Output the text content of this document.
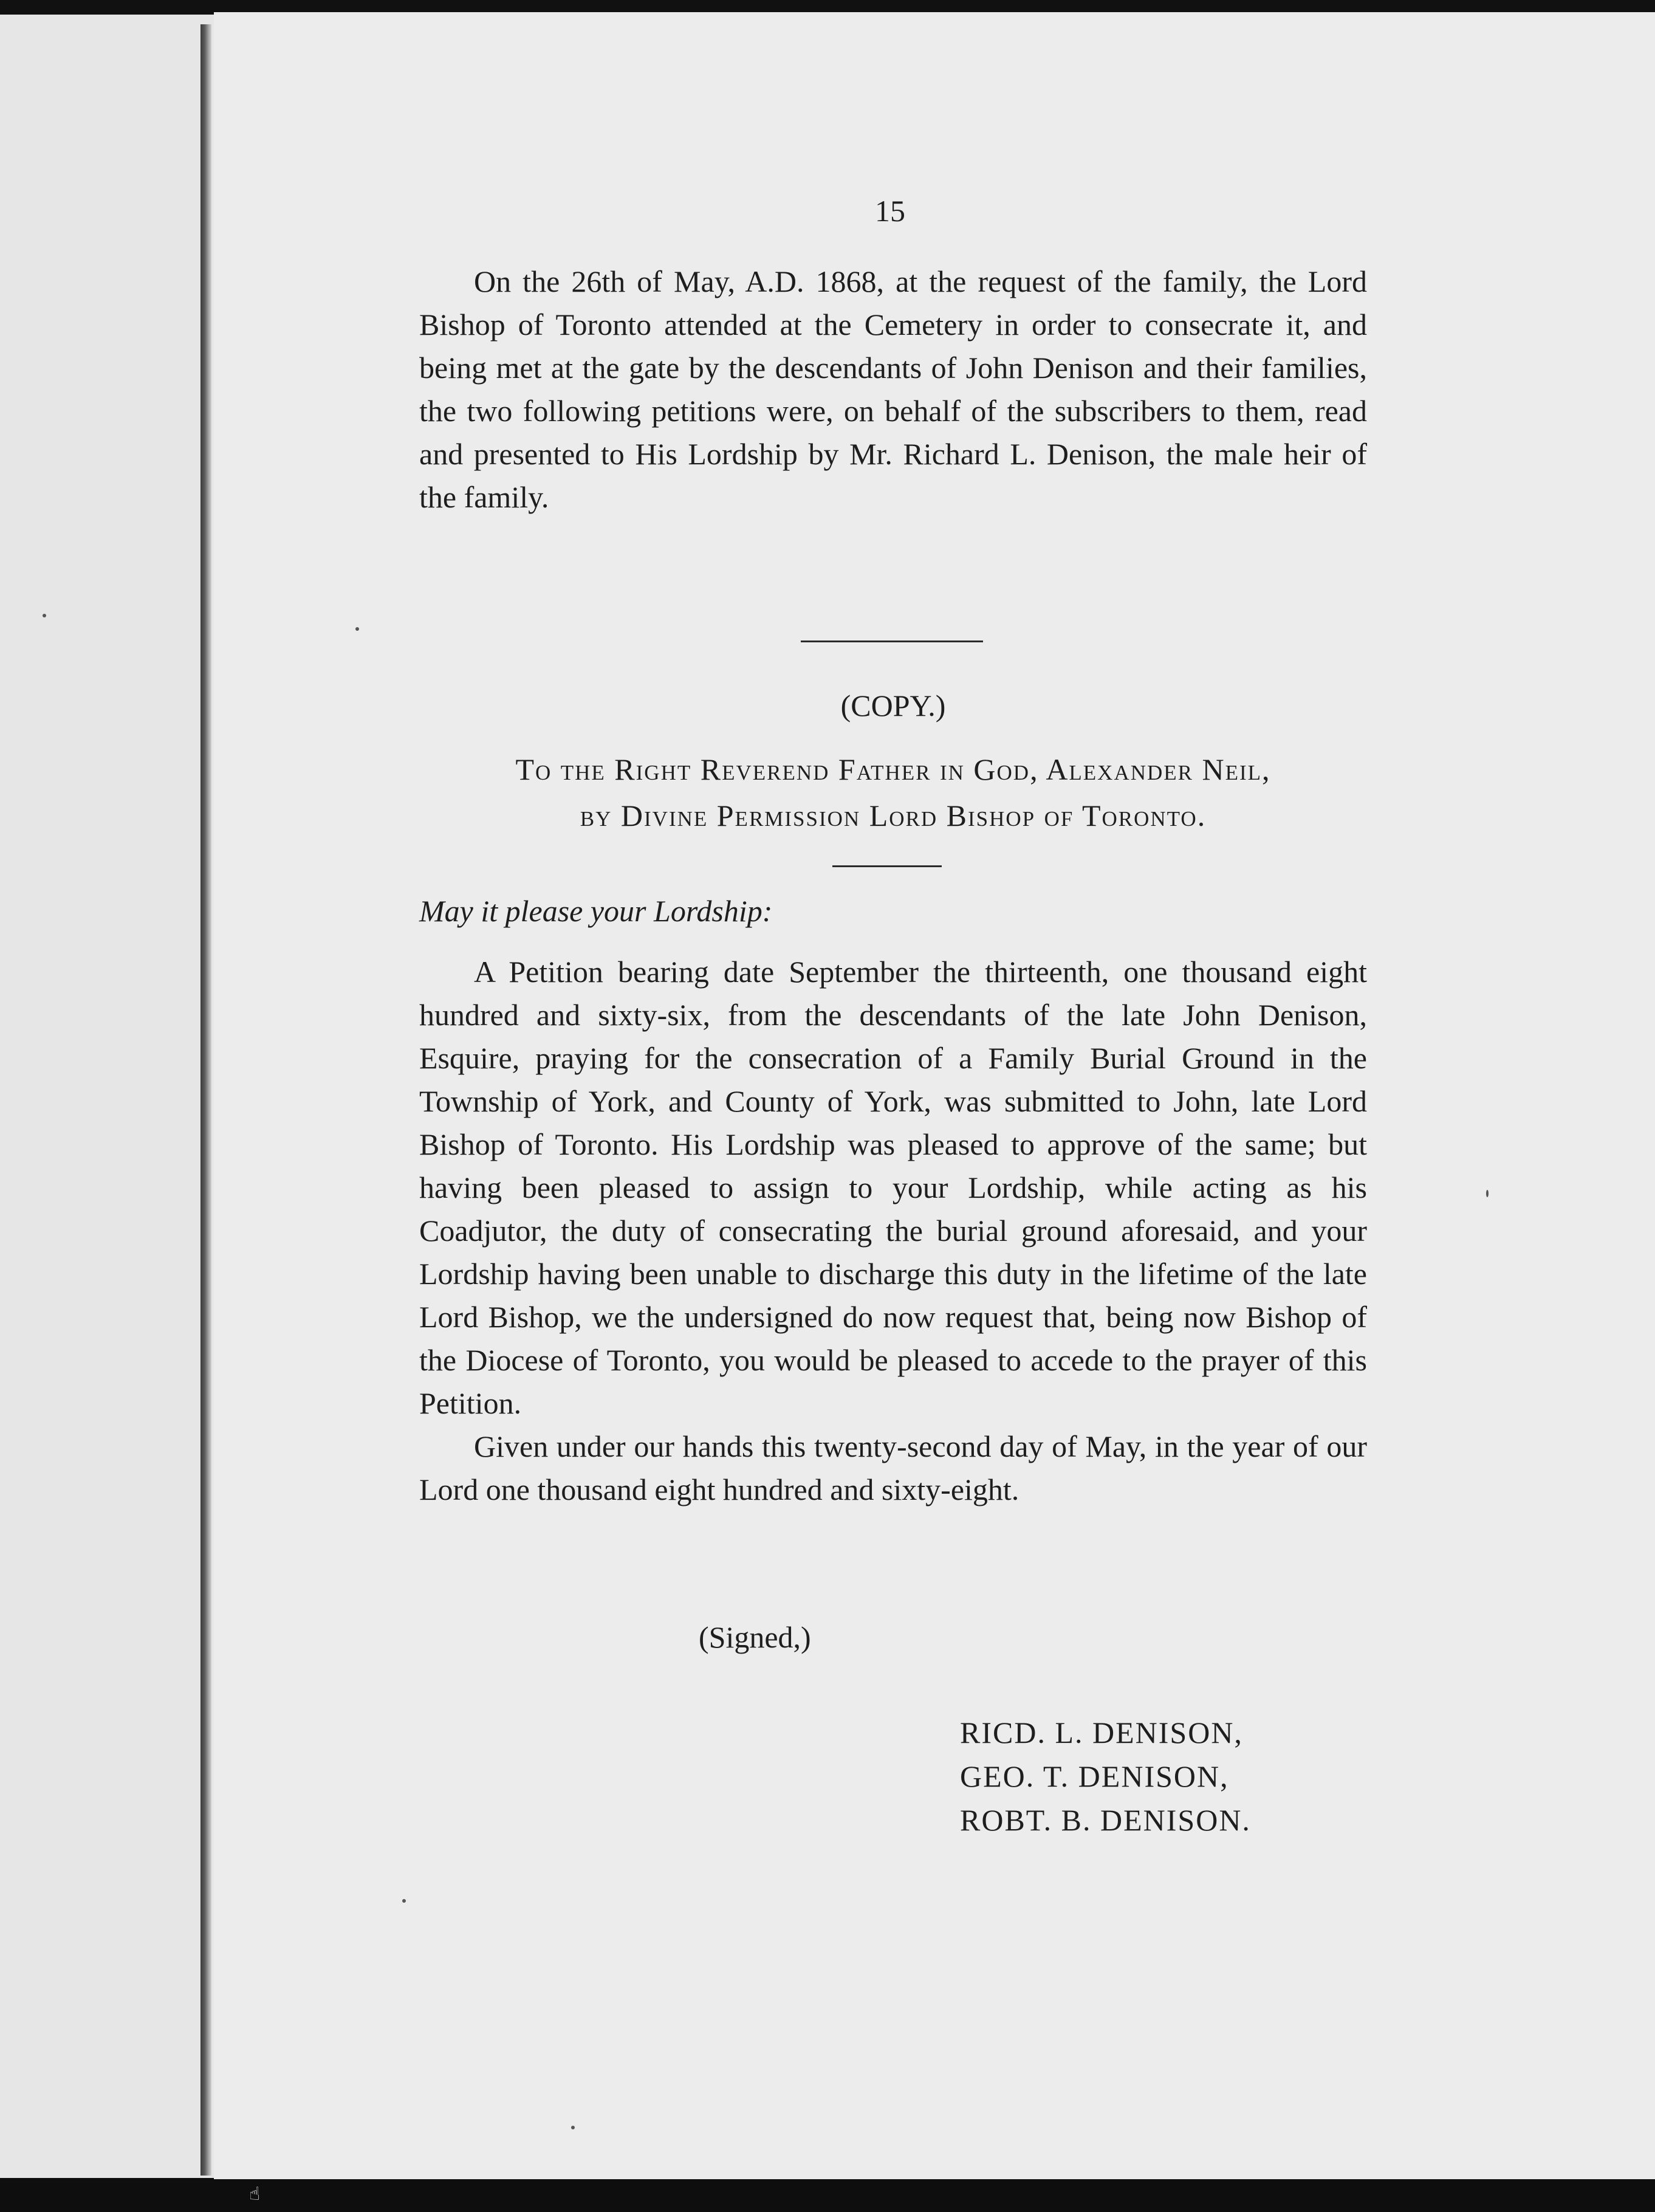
☝
15

On the 26th of May, A.D. 1868, at the request of the family, the Lord Bishop of Toronto attended at the Cemetery in order to consecrate it, and being met at the gate by the descendants of John Denison and their families, the two following petitions were, on behalf of the subscribers to them, read and presented to His Lordship by Mr. Richard L. Denison, the male heir of the family.

(COPY.)
To the Right Reverend Father in God, Alexander Neil,
by Divine Permission Lord Bishop of Toronto.
May it please your Lordship:

A Petition bearing date September the thirteenth, one thousand eight hundred and sixty-six, from the descendants of the late John Denison, Esquire, praying for the consecration of a Family Burial Ground in the Township of York, and County of York, was submitted to John, late Lord Bishop of Toronto. His Lordship was pleased to approve of the same; but having been pleased to assign to your Lordship, while acting as his Coadjutor, the duty of consecrating the burial ground aforesaid, and your Lordship having been unable to discharge this duty in the lifetime of the late Lord Bishop, we the undersigned do now request that, being now Bishop of the Diocese of Toronto, you would be pleased to accede to the prayer of this Petition.

Given under our hands this twenty-second day of May, in the year of our Lord one thousand eight hundred and sixty-eight.

(Signed,)
RICD. L. DENISON,
GEO. T. DENISON,
ROBT. B. DENISON.
